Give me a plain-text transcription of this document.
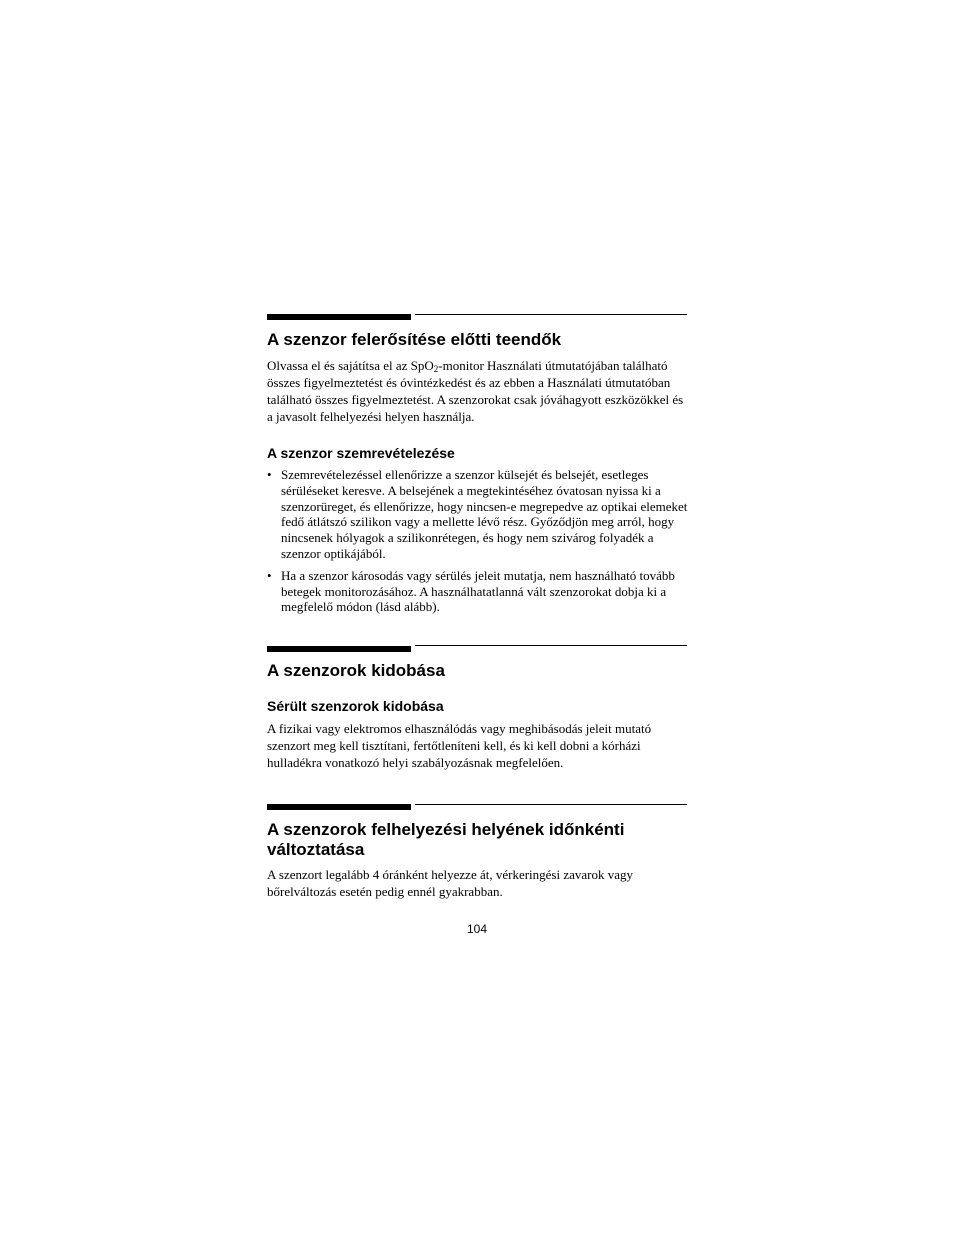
A szenzor felerősítése előtti teendők

Olvassa el és sajátítsa el az SpO$_2$-monitor Használati útmutatójában található összes figyelmeztetést és óvintézkedést és az ebben a Használati útmutatóban található összes figyelmeztetést. A szenzorokat csak jóváhagyott eszközökkel és a javasolt felhelyezési helyen használja.

A szenzor szemrevételezése
• Szemrevételezéssel ellenőrizze a szenzor külsejét és belsejét, esetleges sérüléseket keresve. A belsejének a megtekintéséhez óvatosan nyissa ki a szenzorüreget, és ellenőrizze, hogy nincsen-e megrepedve az optikai elemeket fedő átlátszó szilikon vagy a mellette lévő rész. Győződjön meg arról, hogy nincsenek hólyagok a szilikonrétegen, és hogy nem szivárog folyadék a szenzor optikájából.
• Ha a szenzor károsodás vagy sérülés jeleit mutatja, nem használható tovább betegek monitorozásához. A használhatatlanná vált szenzorokat dobja ki a megfelelő módon (lásd alább).
A szenzorok kidobása
Sérült szenzorok kidobása

A fizikai vagy elektromos elhasználódás vagy meghibásodás jeleit mutató szenzort meg kell tisztítani, fertőtleníteni kell, és ki kell dobni a kórházi hulladékra vonatkozó helyi szabályozásnak megfelelően.

A szenzorok felhelyezési helyének időnkénti változtatása

A szenzort legalább 4 óránként helyezze át, vérkeringési zavarok vagy bőrelváltozás esetén pedig ennél gyakrabban.

104
